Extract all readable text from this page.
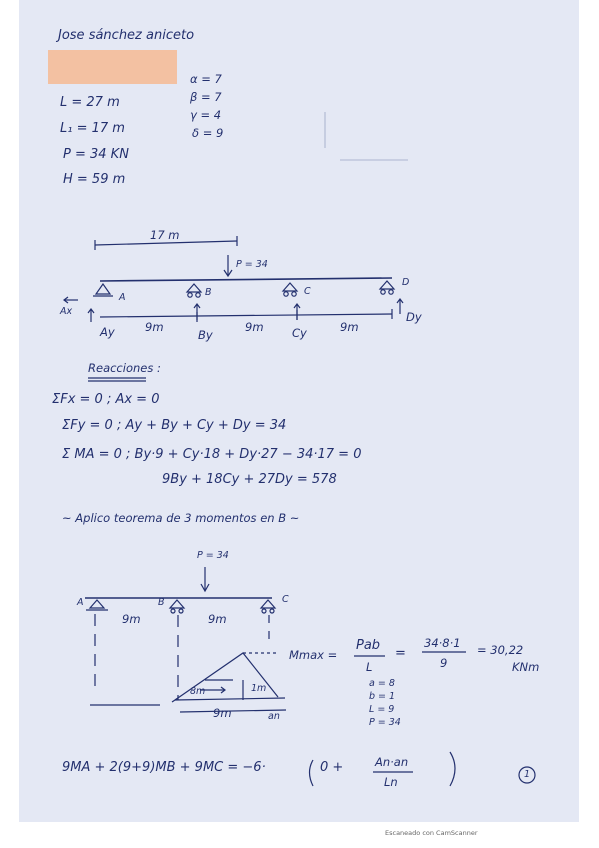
Jose sánchez aniceto
L = 27 m
L₁ = 17 m
P = 34 KN
H = 59 m
α = 7
β = 7
γ = 4
δ = 9
17 m
P = 34
Ax
A	B	C
D
Ay	By	Cy
Dy
9m	9m	9m
Reacciones :
ΣFx = 0 ; Ax = 0
ΣFy = 0 ; Ay + By + Cy + Dy = 34
Σ MA = 0 ; By·9 + Cy·18 + Dy·27 − 34·17 = 0
9By + 18Cy + 27Dy = 578
~ Aplico teorema de 3 momentos en B ~
P = 34
A	B	C
9m	9m
9m
8m	1m
an
Mmax =
Pab
L
=
34·8·1
9
= 30,22
KNm
a = 8
b = 1
L = 9
P = 34
9MA + 2(9+9)MB + 9MC = −6·	0 +	An·an
Ln
1
Escaneado con CamScanner
